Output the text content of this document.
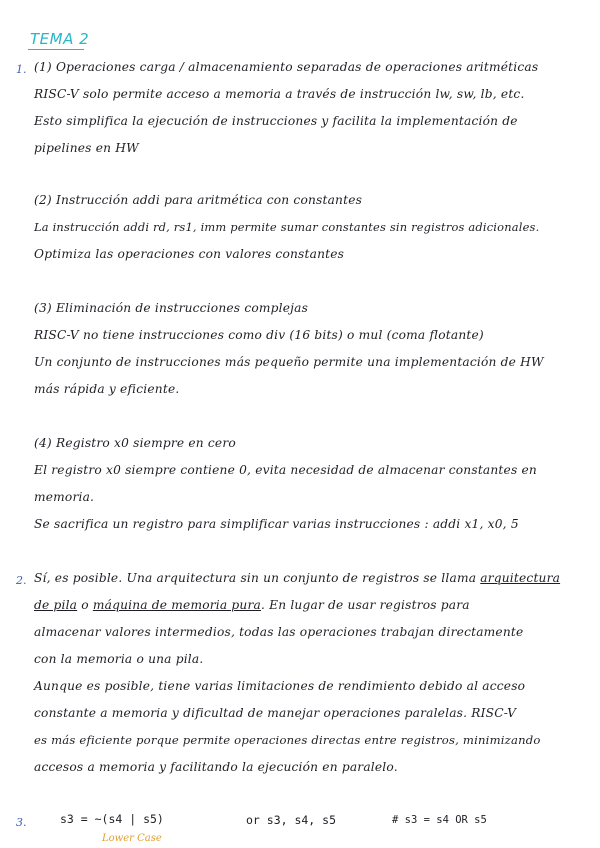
TEMA 2
1. (1) Operaciones carga / almacenamiento separadas de operaciones aritméticas
RISC-V solo permite acceso a memoria a través de instrucción lw, sw, lb, etc.
Esto simplifica la ejecución de instrucciones y facilita la implementación de
pipelines en HW
(2) Instrucción addi para aritmética con constantes
La instrucción addi rd, rs1, imm permite sumar constantes sin registros adicionales.
Optimiza las operaciones con valores constantes
(3) Eliminación de instrucciones complejas
RISC-V no tiene instrucciones como div (16 bits) o mul (coma flotante)
Un conjunto de instrucciones más pequeño permite una implementación de HW
más rápida y eficiente.
(4) Registro x0 siempre en cero
El registro x0 siempre contiene 0, evita necesidad de almacenar constantes en
memoria.
Se sacrifica un registro para simplificar varias instrucciones : addi x1, x0, 5
2. Sí, es posible. Una arquitectura sin un conjunto de registros se llama arquitectura
de pila o máquina de memoria pura. En lugar de usar registros para
almacenar valores intermedios, todas las operaciones trabajan directamente
con la memoria o una pila.
Aunque es posible, tiene varias limitaciones de rendimiento debido al acceso
constante a memoria y dificultad de manejar operaciones paralelas. RISC-V
es más eficiente porque permite operaciones directas entre registros, minimizando
accesos a memoria y facilitando la ejecución en paralelo.
3.	s3 = ~(s4 | s5)
Lower Case
or s3, s4, s5	# s3 = s4 OR s5
